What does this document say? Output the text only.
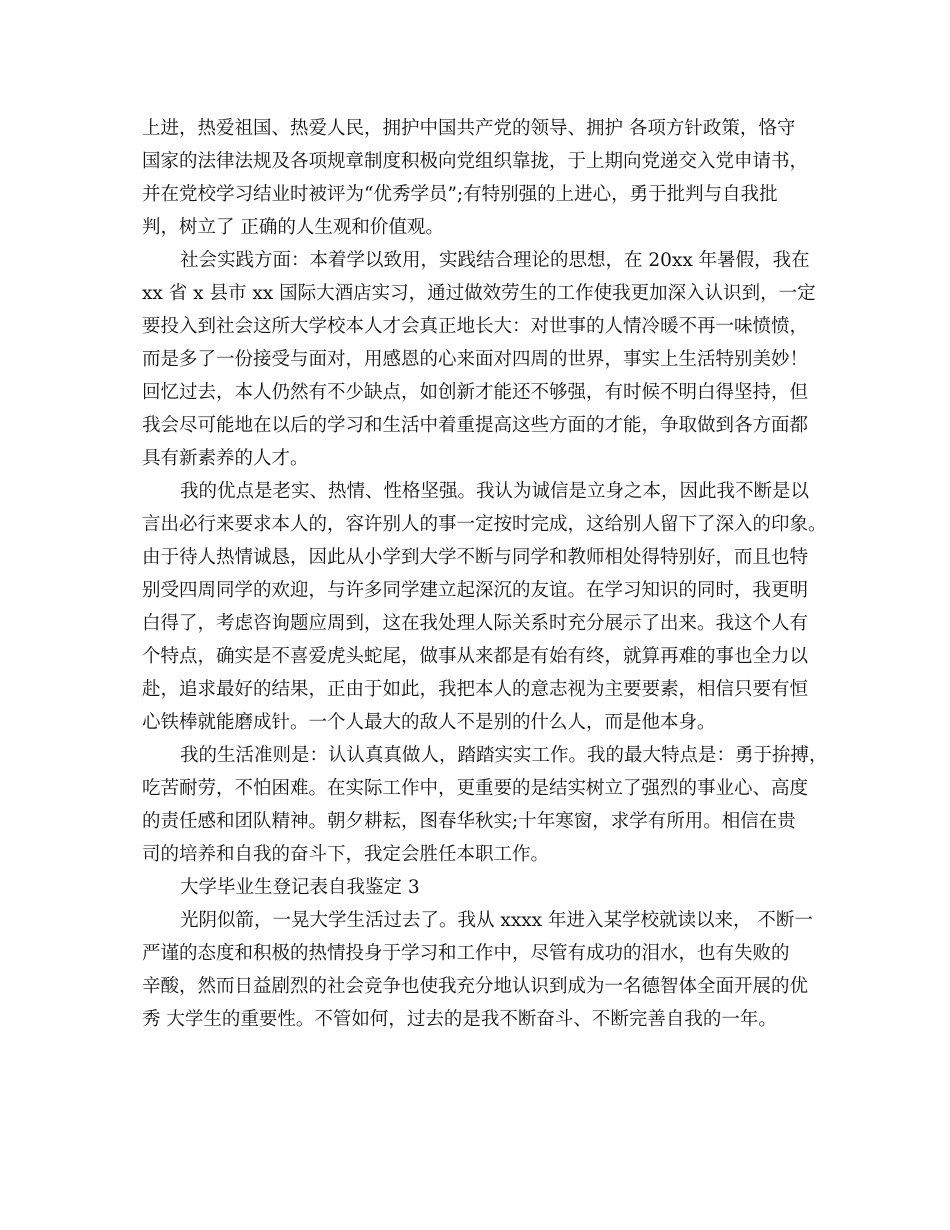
上进，热爱祖国、热爱人民，拥护中国共产党的领导、拥护 各项方针政策，恪守
国家的法律法规及各项规章制度积极向党组织靠拢，于上期向党递交入党申请书，
并在党校学习结业时被评为“优秀学员”;有特别强的上进心，勇于批判与自我批
判，树立了 正确的人生观和价值观。
社会实践方面：本着学以致用，实践结合理论的思想，在 20xx 年暑假，我在
xx 省 x 县市 xx 国际大酒店实习，通过做效劳生的工作使我更加深入认识到，一定
要投入到社会这所大学校本人才会真正地长大：对世事的人情冷暖不再一味愤愤，
而是多了一份接受与面对，用感恩的心来面对四周的世界，事实上生活特别美妙！
回忆过去，本人仍然有不少缺点，如创新才能还不够强，有时候不明白得坚持，但
我会尽可能地在以后的学习和生活中着重提高这些方面的才能，争取做到各方面都
具有新素养的人才。
我的优点是老实、热情、性格坚强。我认为诚信是立身之本，因此我不断是以
言出必行来要求本人的，容许别人的事一定按时完成，这给别人留下了深入的印象。
由于待人热情诚恳，因此从小学到大学不断与同学和教师相处得特别好，而且也特
别受四周同学的欢迎，与许多同学建立起深沉的友谊。在学习知识的同时，我更明
白得了，考虑咨询题应周到，这在我处理人际关系时充分展示了出来。我这个人有
个特点，确实是不喜爱虎头蛇尾，做事从来都是有始有终，就算再难的事也全力以
赴，追求最好的结果，正由于如此，我把本人的意志视为主要要素，相信只要有恒
心铁棒就能磨成针。一个人最大的敌人不是别的什么人，而是他本身。
我的生活准则是：认认真真做人，踏踏实实工作。我的最大特点是：勇于拚搏，
吃苦耐劳，不怕困难。在实际工作中，更重要的是结实树立了强烈的事业心、高度
的责任感和团队精神。朝夕耕耘，图春华秋实;十年寒窗，求学有所用。相信在贵
司的培养和自我的奋斗下，我定会胜任本职工作。
大学毕业生登记表自我鉴定 3
光阴似箭，一晃大学生活过去了。我从 xxxx 年进入某学校就读以来， 不断一
严谨的态度和积极的热情投身于学习和工作中，尽管有成功的泪水，也有失败的
辛酸，然而日益剧烈的社会竞争也使我充分地认识到成为一名德智体全面开展的优
秀 大学生的重要性。不管如何，过去的是我不断奋斗、不断完善自我的一年。
